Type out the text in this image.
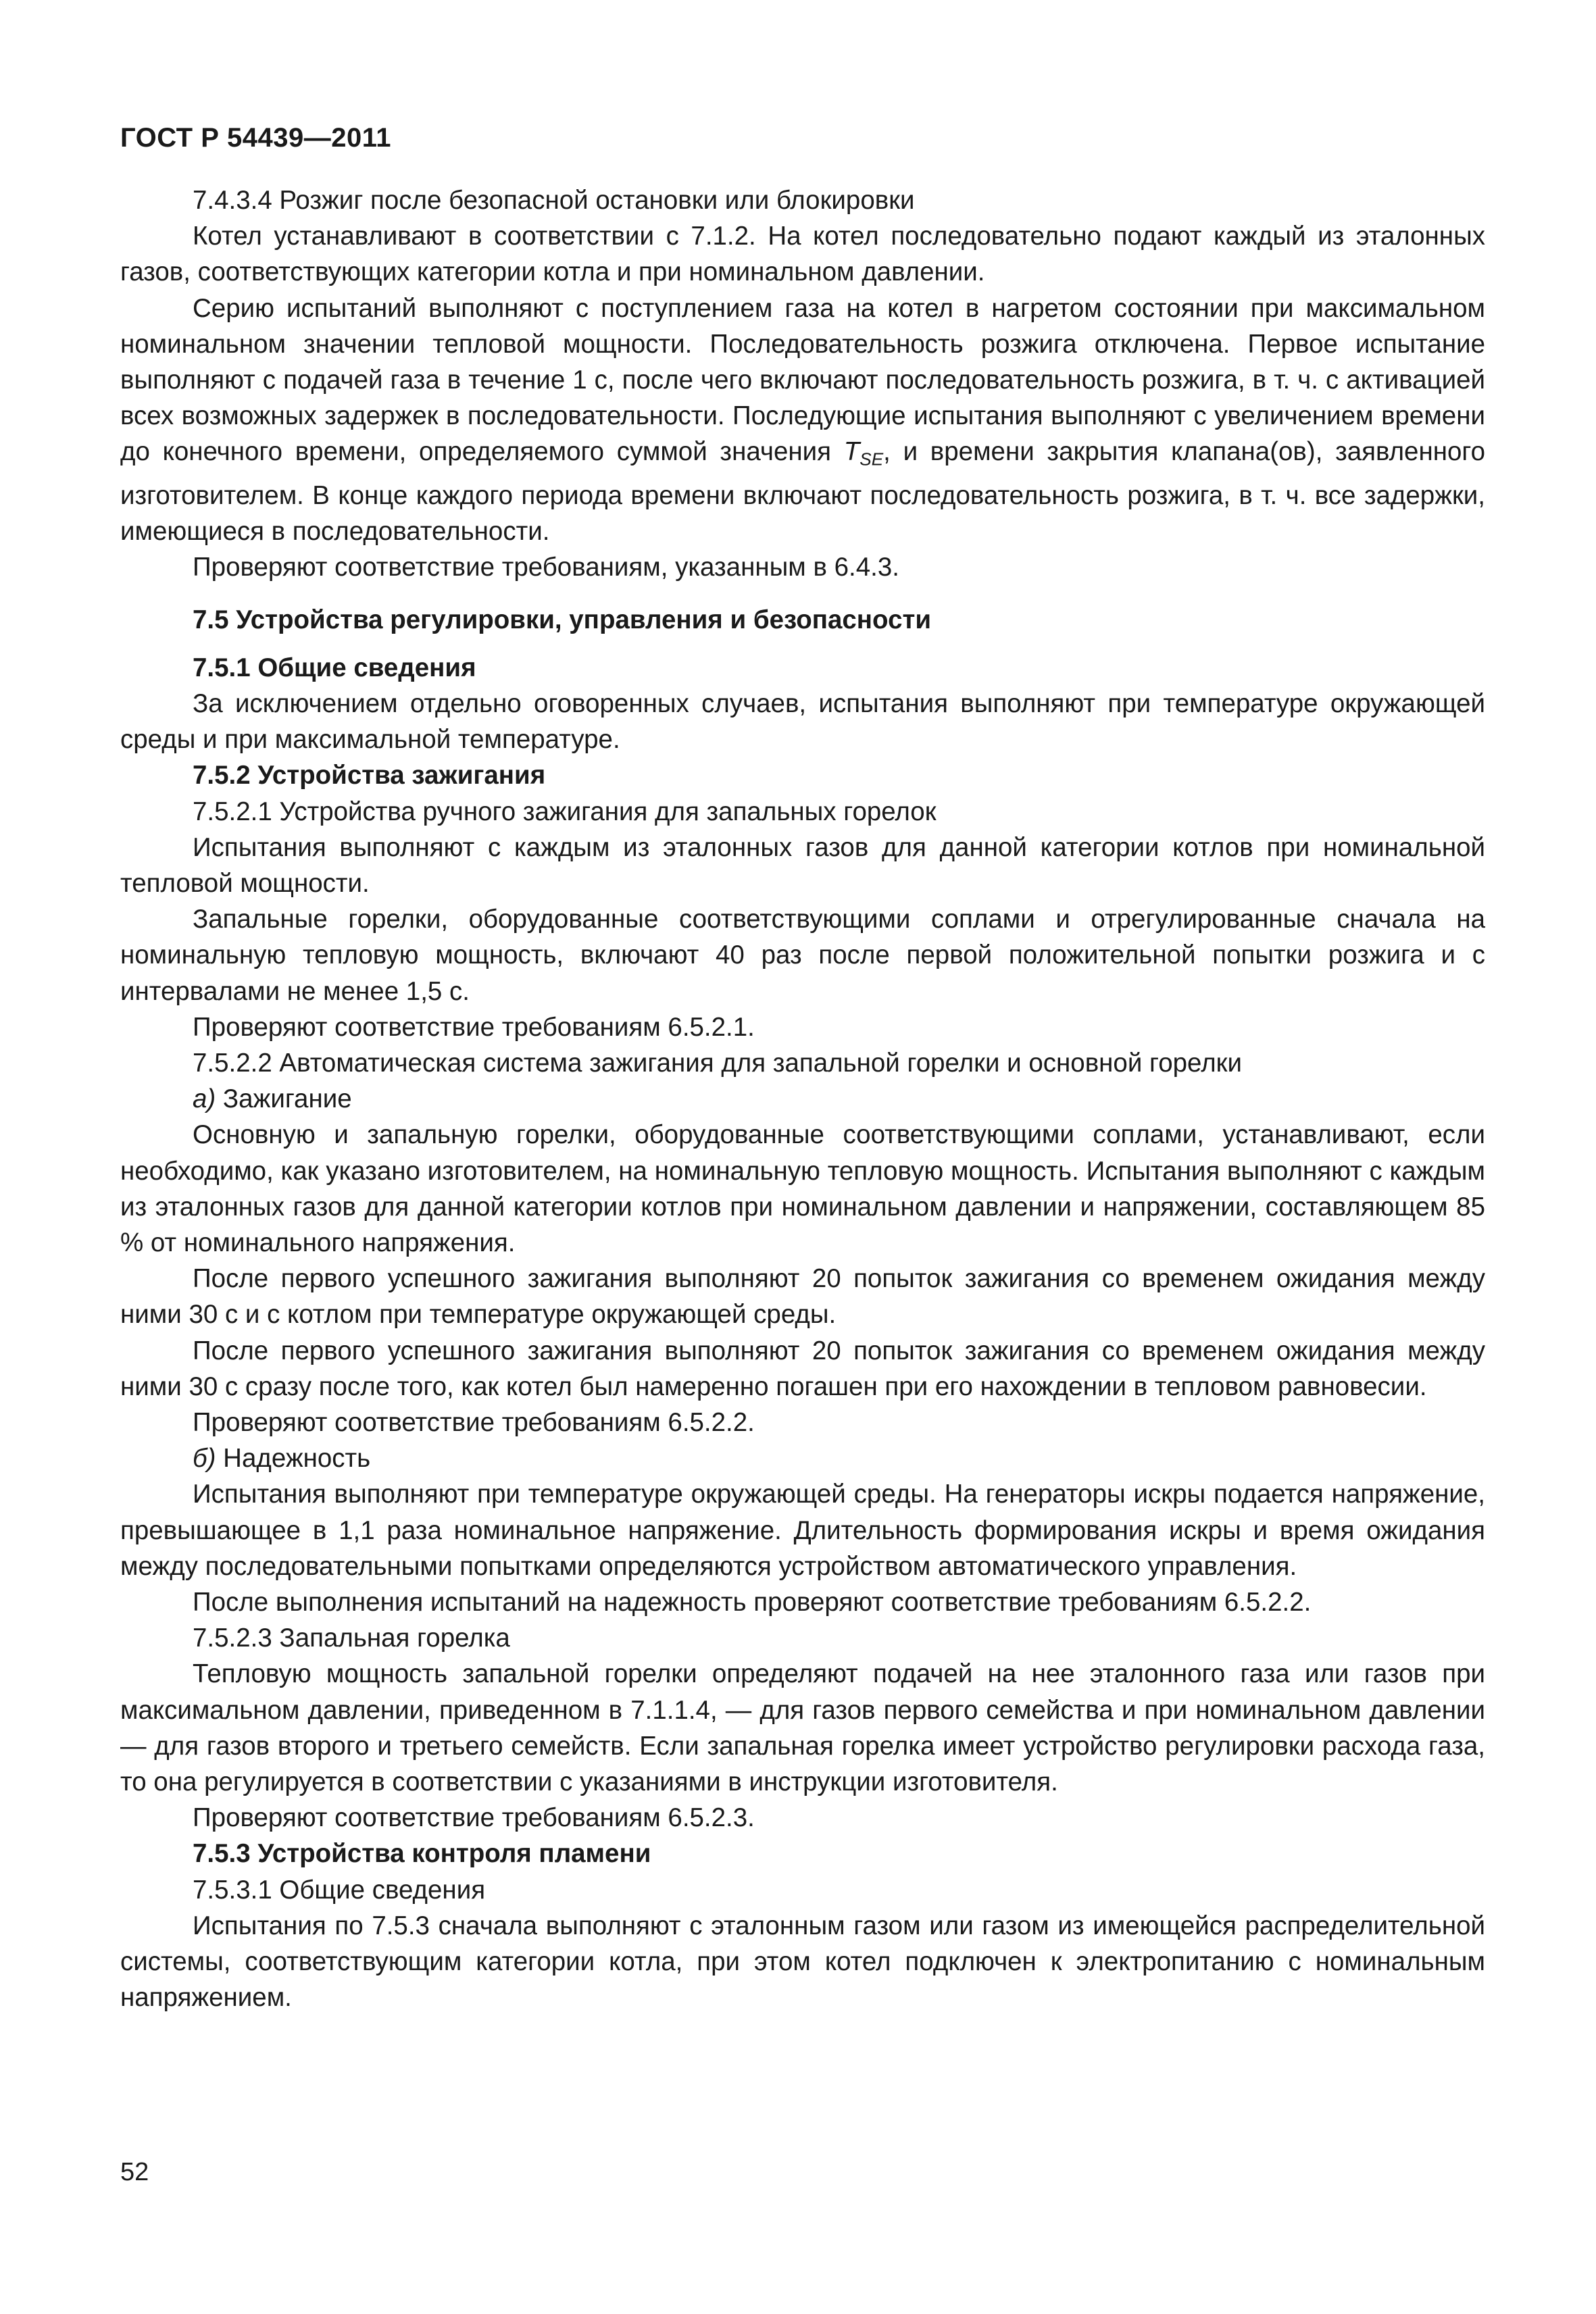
ГОСТ Р 54439—2011

7.4.3.4 Розжиг после безопасной остановки или блокировки

Котел устанавливают в соответствии с 7.1.2. На котел последовательно подают каждый из эталонных газов, соответствующих категории котла и при номинальном давлении.

Серию испытаний выполняют с поступлением газа на котел в нагретом состоянии при максимальном номинальном значении тепловой мощности. Последовательность розжига отключена. Первое испытание выполняют с подачей газа в течение 1 с, после чего включают последовательность розжига, в т. ч. с активацией всех возможных задержек в последовательности. Последующие испытания выполняют с увеличением времени до конечного времени, определяемого суммой значения $T_{SE}$, и времени закрытия клапана(ов), заявленного изготовителем. В конце каждого периода времени включают последовательность розжига, в т. ч. все задержки, имеющиеся в последовательности.

Проверяют соответствие требованиям, указанным в 6.4.3.

7.5 Устройства регулировки, управления и безопасности

7.5.1 Общие сведения

За исключением отдельно оговоренных случаев, испытания выполняют при температуре окружающей среды и при максимальной температуре.

7.5.2 Устройства зажигания

7.5.2.1 Устройства ручного зажигания для запальных горелок

Испытания выполняют с каждым из эталонных газов для данной категории котлов при номинальной тепловой мощности.

Запальные горелки, оборудованные соответствующими соплами и отрегулированные сначала на номинальную тепловую мощность, включают 40 раз после первой положительной попытки розжига и с интервалами не менее 1,5 с.

Проверяют соответствие требованиям 6.5.2.1.

7.5.2.2 Автоматическая система зажигания для запальной горелки и основной горелки

а) Зажигание

Основную и запальную горелки, оборудованные соответствующими соплами, устанавливают, если необходимо, как указано изготовителем, на номинальную тепловую мощность. Испытания выполняют с каждым из эталонных газов для данной категории котлов при номинальном давлении и напряжении, составляющем 85 % от номинального напряжения.

После первого успешного зажигания выполняют 20 попыток зажигания со временем ожидания между ними 30 с и с котлом при температуре окружающей среды.

После первого успешного зажигания выполняют 20 попыток зажигания со временем ожидания между ними 30 с сразу после того, как котел был намеренно погашен при его нахождении в тепловом равновесии.

Проверяют соответствие требованиям 6.5.2.2.

б) Надежность

Испытания выполняют при температуре окружающей среды. На генераторы искры подается напряжение, превышающее в 1,1 раза номинальное напряжение. Длительность формирования искры и время ожидания между последовательными попытками определяются устройством автоматического управления.

После выполнения испытаний на надежность проверяют соответствие требованиям 6.5.2.2.

7.5.2.3 Запальная горелка

Тепловую мощность запальной горелки определяют подачей на нее эталонного газа или газов при максимальном давлении, приведенном в 7.1.1.4, — для газов первого семейства и при номинальном давлении — для газов второго и третьего семейств. Если запальная горелка имеет устройство регулировки расхода газа, то она регулируется в соответствии с указаниями в инструкции изготовителя.

Проверяют соответствие требованиям 6.5.2.3.

7.5.3 Устройства контроля пламени

7.5.3.1 Общие сведения

Испытания по 7.5.3 сначала выполняют с эталонным газом или газом из имеющейся распределительной системы, соответствующим категории котла, при этом котел подключен к электропитанию с номинальным напряжением.

52
